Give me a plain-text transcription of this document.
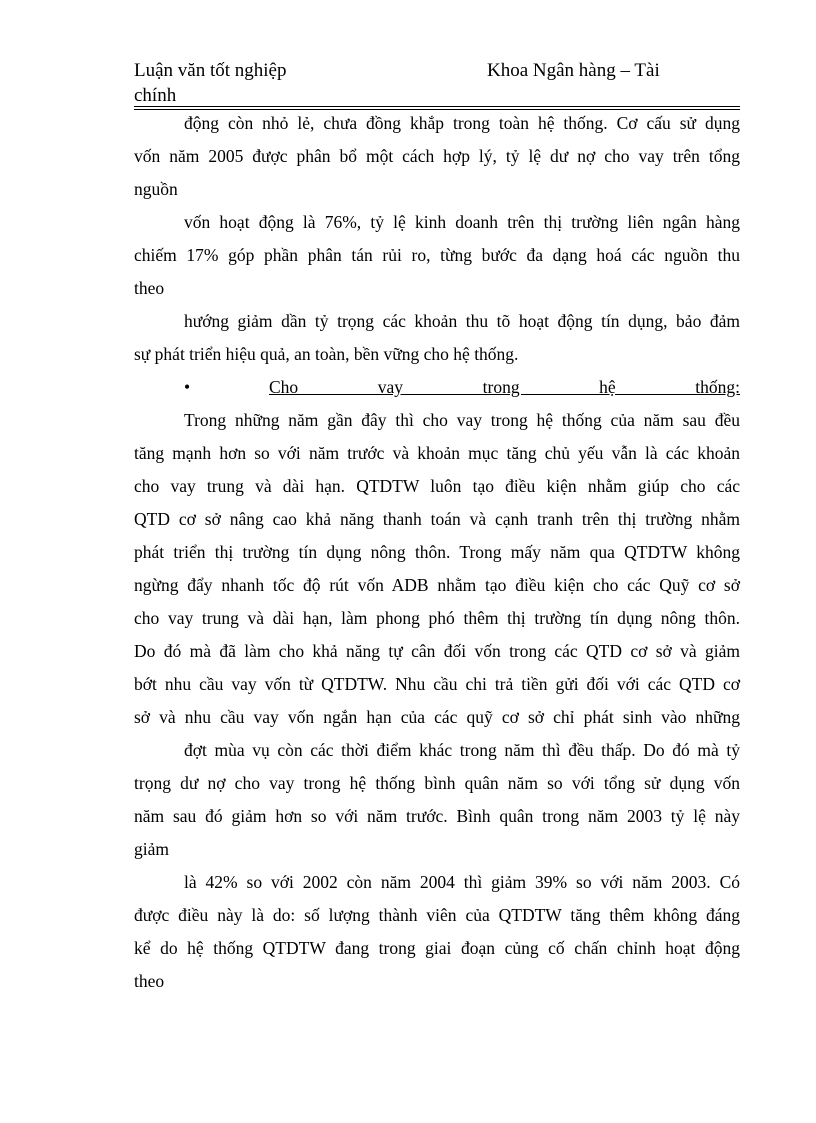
Luận văn tốt nghiệp	Khoa Ngân hàng – Tài
chính
động còn nhỏ lẻ, chưa đồng khắp trong toàn hệ thống. Cơ cấu sử dụng
vốn năm 2005 được phân bổ một cách hợp lý, tỷ lệ dư nợ cho vay trên tổng
nguồn
vốn hoạt động là 76%, tỷ lệ kinh doanh trên thị trường liên ngân hàng
chiếm 17% góp phần phân tán rủi ro, từng bước đa dạng hoá các nguồn thu
theo
hướng giảm dần tỷ trọng các khoản thu tõ hoạt động tín dụng, bảo đảm
sự phát triển hiệu quả, an toàn, bền vững cho hệ thống.
•	Cho vay trong hệ thống:
Trong những năm gần đây thì cho vay trong hệ thống của năm sau đều
tăng mạnh hơn so với năm trước và khoản mục tăng chủ yếu vẫn là các khoản
cho vay trung và dài hạn. QTDTW luôn tạo điều kiện nhằm giúp cho các
QTD cơ sở nâng cao khả năng thanh toán và cạnh tranh trên thị trường nhằm
phát triển thị trường tín dụng nông thôn. Trong mấy năm qua QTDTW không
ngừng đẩy nhanh tốc độ rút vốn ADB nhằm tạo điều kiện cho các Quỹ cơ sở
cho vay trung và dài hạn, làm phong phó thêm thị trường tín dụng nông thôn.
Do đó mà đã làm cho khả năng tự cân đối vốn trong các QTD cơ sở và giảm
bớt nhu cầu vay vốn từ QTDTW. Nhu cầu chi trả tiền gửi đối với các QTD cơ
sở và nhu cầu vay vốn ngắn hạn của các quỹ cơ sở chỉ phát sinh vào những
đợt mùa vụ còn các thời điểm khác trong năm thì đều thấp. Do đó mà tỷ
trọng dư nợ cho vay trong hệ thống bình quân năm so với tổng sử dụng vốn
năm sau đó giảm hơn so với năm trước. Bình quân trong năm 2003 tỷ lệ này
giảm
là 42% so với 2002 còn năm 2004 thì giảm 39% so với năm 2003. Có
được điều này là do: số lượng thành viên của QTDTW tăng thêm không đáng
kể do hệ thống QTDTW đang trong giai đoạn củng cố chấn chỉnh hoạt động
theo
